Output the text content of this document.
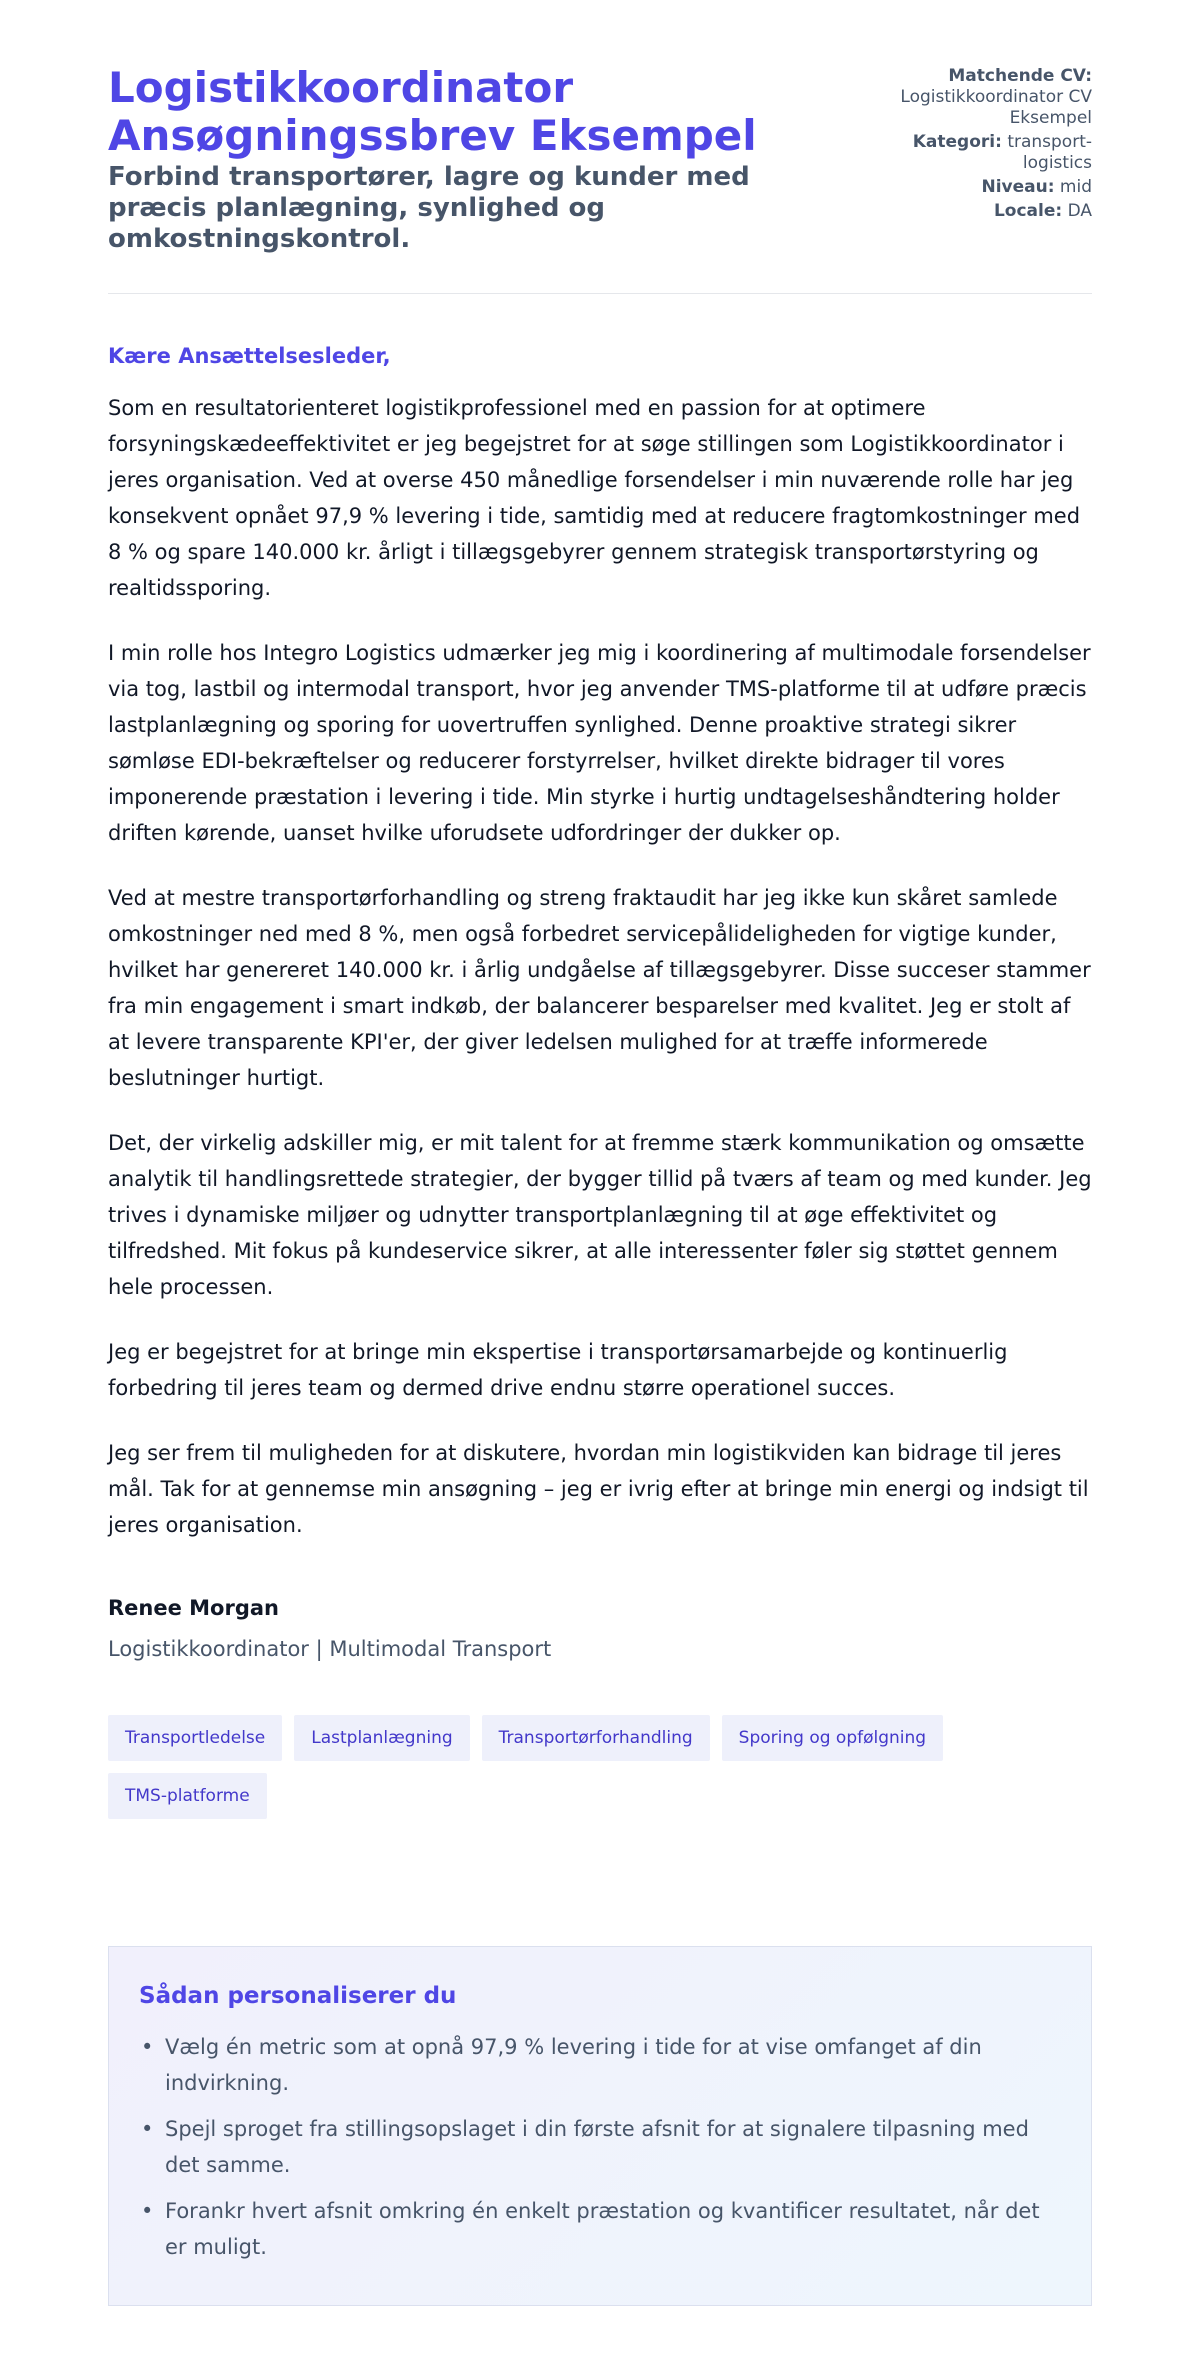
Logistikkoordinator
Ansøgningssbrev Eksempel
Forbind transportører, lagre og kunder med præcis planlægning, synlighed og omkostningskontrol.
Matchende CV: Logistikkoordinator CV Eksempel
Kategori: transport-logistics
Niveau: mid
Locale: DA
Kære Ansættelsesleder,

Som en resultatorienteret logistikprofessionel med en passion for at optimere forsyningskædeeffektivitet er jeg begejstret for at søge stillingen som Logistikkoordinator i jeres organisation. Ved at overse 450 månedlige forsendelser i min nuværende rolle har jeg konsekvent opnået 97,9 % levering i tide, samtidig med at reducere fragtomkostninger med 8 % og spare 140.000 kr. årligt i tillægsgebyrer gennem strategisk transportørstyring og realtidssporing.

I min rolle hos Integro Logistics udmærker jeg mig i koordinering af multimodale forsendelser via tog, lastbil og intermodal transport, hvor jeg anvender TMS-platforme til at udføre præcis lastplanlægning og sporing for uovertruffen synlighed. Denne proaktive strategi sikrer sømløse EDI-bekræftelser og reducerer forstyrrelser, hvilket direkte bidrager til vores imponerende præstation i levering i tide. Min styrke i hurtig undtagelseshåndtering holder driften kørende, uanset hvilke uforudsete udfordringer der dukker op.

Ved at mestre transportørforhandling og streng fraktaudit har jeg ikke kun skåret samlede omkostninger ned med 8 %, men også forbedret servicepålideligheden for vigtige kunder, hvilket har genereret 140.000 kr. i årlig undgåelse af tillægsgebyrer. Disse succeser stammer fra min engagement i smart indkøb, der balancerer besparelser med kvalitet. Jeg er stolt af at levere transparente KPI'er, der giver ledelsen mulighed for at træffe informerede beslutninger hurtigt.

Det, der virkelig adskiller mig, er mit talent for at fremme stærk kommunikation og omsætte analytik til handlingsrettede strategier, der bygger tillid på tværs af team og med kunder. Jeg trives i dynamiske miljøer og udnytter transportplanlægning til at øge effektivitet og tilfredshed. Mit fokus på kundeservice sikrer, at alle interessenter føler sig støttet gennem hele processen.

Jeg er begejstret for at bringe min ekspertise i transportørsamarbejde og kontinuerlig forbedring til jeres team og dermed drive endnu større operationel succes.

Jeg ser frem til muligheden for at diskutere, hvordan min logistikviden kan bidrage til jeres mål. Tak for at gennemse min ansøgning – jeg er ivrig efter at bringe min energi og indsigt til jeres organisation.

Renee Morgan
Logistikkoordinator | Multimodal Transport
Transportledelse	Lastplanlægning	Transportørforhandling	Sporing og opfølgning
TMS-platforme
Sådan personaliserer du
• Vælg én metric som at opnå 97,9 % levering i tide for at vise omfanget af din indvirkning.
• Spejl sproget fra stillingsopslaget i din første afsnit for at signalere tilpasning med det samme.
• Forankr hvert afsnit omkring én enkelt præstation og kvantificer resultatet, når det er muligt.
